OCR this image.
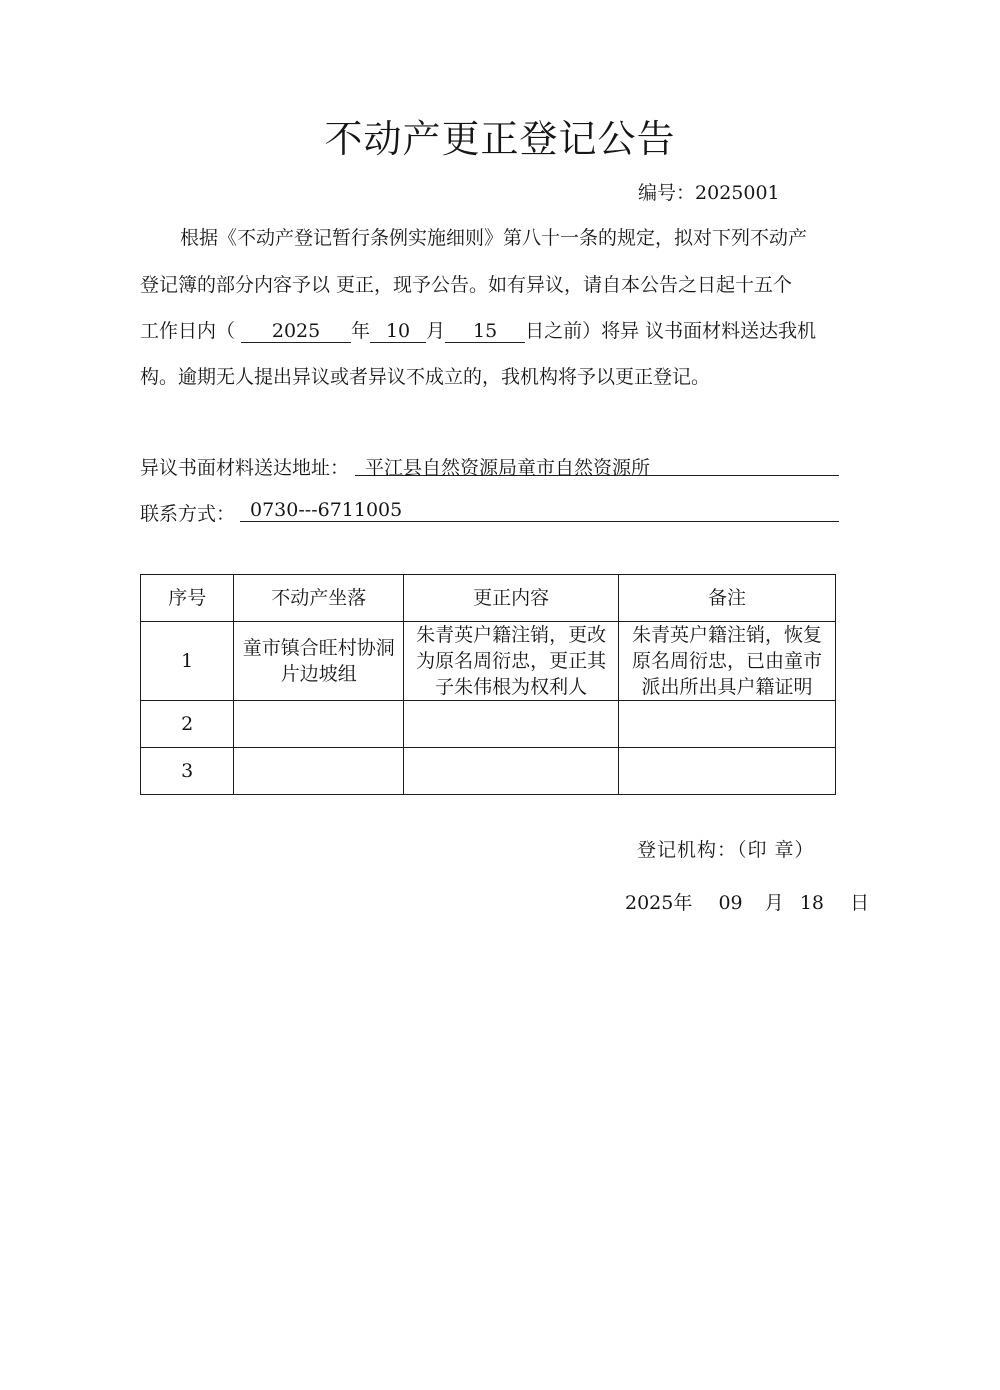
不动产更正登记公告
编号：2025001
根据《不动产登记暂行条例实施细则》第八十一条的规定，拟对下列不动产
登记簿的部分内容予以 更正，现予公告。如有异议，请自本公告之日起十五个
工作日内（ 2025 年 10 月 15 日之前）将异 议书面材料送达我机
构。逾期无人提出异议或者异议不成立的，我机构将予以更正登记。
异议书面材料送达地址： 平江县自然资源局童市自然资源所
联系方式： 0730---6711005
序号	不动产坐落	更正内容	备注
1	童市镇合旺村协洞片边坡组	朱青英户籍注销，更改为原名周衍忠，更正其子朱伟根为权利人	朱青英户籍注销，恢复原名周衍忠，已由童市派出所出具户籍证明
2			
3			
登记机构：（印 章）
2025年 09 月 18 日
